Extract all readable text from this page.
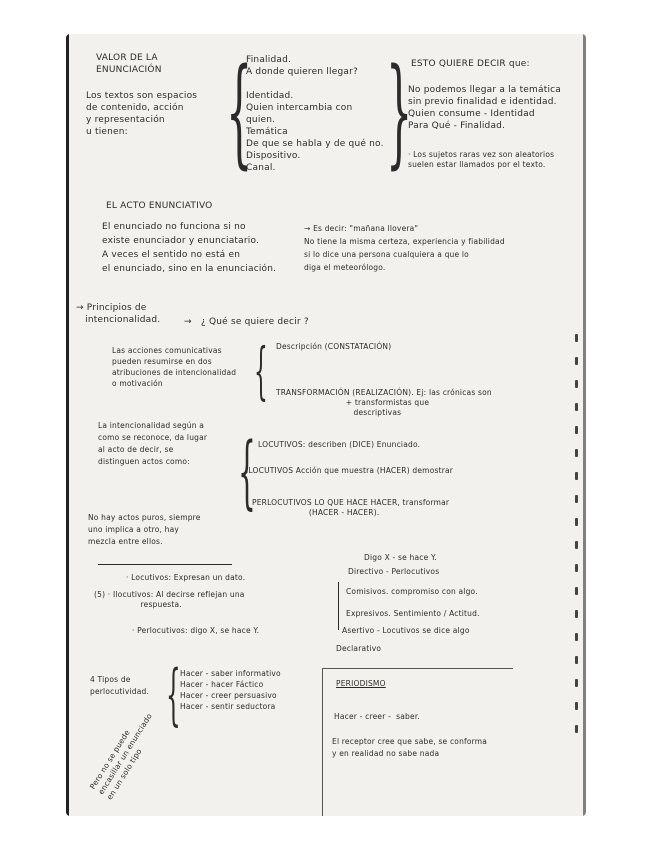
VALOR DE LA
ENUNCIACIÓN
Los textos son espacios
de contenido, acción
y representación
u tienen: {
Finalidad.
A donde quieren llegar?

Identidad.
Quien intercambia con
quien.
Temática
De que se habla y de qué no.
Dispositivo.
Canal. }
ESTO QUIERE DECIR que:
No podemos llegar a la temática
sin previo finalidad e identidad.
Quien consume - Identidad
Para Qué - Finalidad.
· Los sujetos raras vez son aleatorios
suelen estar llamados por el texto.
EL ACTO ENUNCIATIVO
El enunciado no funciona si no
existe enunciador y enunciatario.
A veces el sentido no está en
el enunciado, sino en la enunciación.
→ Es decir: "mañana llovera"
No tiene la misma certeza, experiencia y fiabilidad
si lo dice una persona cualquiera a que lo
diga el meteorólogo.
→ Principios de
intencionalidad.	→   ¿ Qué se quiere decir ?
Las acciones comunicativas
pueden resumirse en dos
atribuciones de intencionalidad
o motivación	{ Descripción (CONSTATACIÓN)
TRANSFORMACIÓN (REALIZACIÓN). Ej: las crónicas son
+ transformistas que
descriptivas
La intencionalidad según a
como se reconoce, da lugar
al acto de decir, se
distinguen actos como: { LOCUTIVOS: describen (DICE) Enunciado.
ILOCUTIVOS Acción que muestra (HACER) demostrar
PERLOCUTIVOS LO QUE HACE HACER, transformar
(HACER - HACER).
No hay actos puros, siempre
uno implica a otro, hay
mezcla entre ellos.
Digo X - se hace Y.
Directivo - Perlocutivos
· Locutivos: Expresan un dato.
(5) · Ilocutivos: Al decirse reflejan una
respuesta.
Comisivos. compromiso con algo.
Expresivos. Sentimiento / Actitud.
· Perlocutivos: digo X, se hace Y.	Asertivo - Locutivos se dice algo
Declarativo
4 Tipos de
perlocutividad. { Hacer - saber informativo
Hacer - hacer Fáctico
Hacer - creer persuasivo
Hacer - sentir seductora
Pero no se puede
encasillar un enunciado
en un solo tipo
PERIODISMO
Hacer - creer -  saber.
El receptor cree que sabe, se conforma
y en realidad no sabe nada
